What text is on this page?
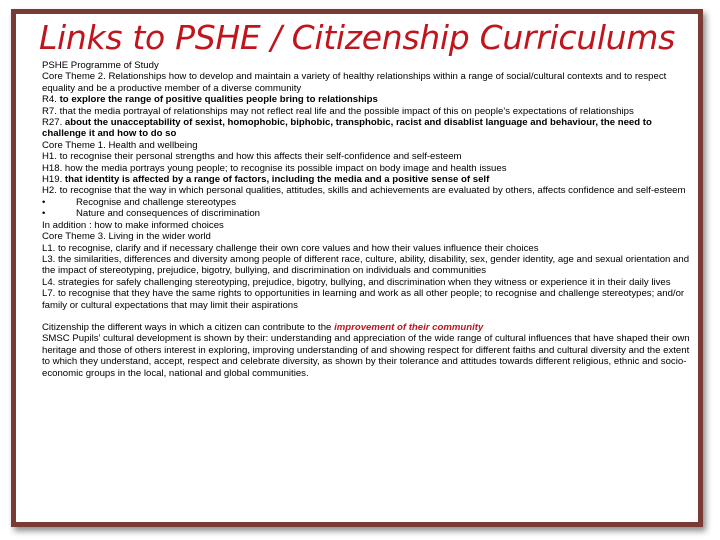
Links to PSHE / Citizenship Curriculums

PSHE Programme of Study

Core Theme 2. Relationships how to develop and maintain a variety of healthy relationships within a range of social/cultural contexts and to respect equality and be a productive member of a diverse community

R4. to explore the range of positive qualities people bring to relationships

R7. that the media portrayal of relationships may not reflect real life and the possible impact of this on people’s expectations of relationships

R27. about the unacceptability of sexist, homophobic, biphobic, transphobic, racist and disablist language and behaviour, the need to challenge it and how to do so

Core Theme 1. Health and wellbeing

H1. to recognise their personal strengths and how this affects their self-confidence and self-esteem

H18. how the media portrays young people; to recognise its possible impact on body image and health issues

H19. that identity is affected by a range of factors, including the media and a positive sense of self

H2. to recognise that the way in which personal qualities, attitudes, skills and achievements are evaluated by others, affects confidence and self-esteem

•	Recognise and challenge stereotypes

•	Nature and consequences of discrimination

In addition : how to make informed choices

Core Theme 3. Living in the wider world

L1. to recognise, clarify and if necessary challenge their own core values and how their values influence their choices

L3. the similarities, differences and diversity among people of different race, culture, ability, disability, sex, gender identity, age and sexual orientation and the impact of stereotyping, prejudice, bigotry, bullying, and discrimination on individuals and communities

L4. strategies for safely challenging stereotyping, prejudice, bigotry, bullying, and discrimination when they witness or experience it in their daily lives

L7. to recognise that they have the same rights to opportunities in learning and work as all other people; to recognise and challenge stereotypes; and/or family or cultural expectations that may limit their aspirations

Citizenship the different ways in which a citizen can contribute to the improvement of their community

SMSC Pupils’ cultural development is shown by their: understanding and appreciation of the wide range of cultural influences that have shaped their own heritage and those of others interest in exploring, improving understanding of and showing respect for different faiths and cultural diversity and the extent to which they understand, accept, respect and celebrate diversity, as shown by their tolerance and attitudes towards different religious, ethnic and socio-economic groups in the local, national and global communities.
